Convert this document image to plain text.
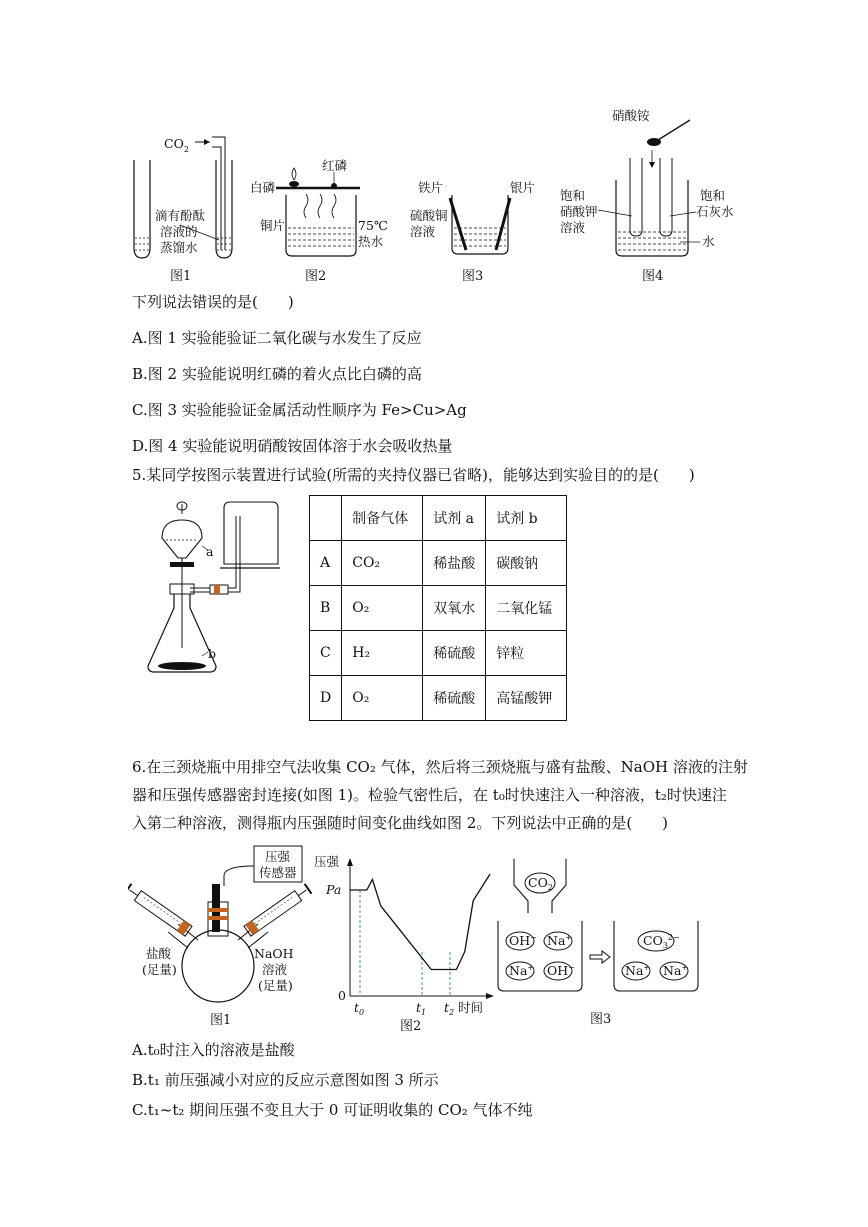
$CO_2$
滴有酚酞
溶液的
蒸馏水
图1
红磷
白磷
铜片	75℃
热水
图2
铁片	银片
硫酸铜
溶液
图3
硝酸铵
饱和
硝酸钾
溶液
饱和
石灰水
水
图4
下列说法错误的是(　　)
A.图 1 实验能验证二氧化碳与水发生了反应
B.图 2 实验能说明红磷的着火点比白磷的高
C.图 3 实验能验证金属活动性顺序为 Fe>Cu>Ag
D.图 4 实验能说明硝酸铵固体溶于水会吸收热量
5.某同学按图示装置进行试验(所需的夹持仪器已省略)，能够达到实验目的的是(　　)
a
b
	制备气体	试剂 a	试剂 b
A	CO₂	稀盐酸	碳酸钠
B	O₂	双氧水	二氧化锰
C	H₂	稀硫酸	锌粒
D	O₂	稀硫酸	高锰酸钾
6.在三颈烧瓶中用排空气法收集 CO₂ 气体，然后将三颈烧瓶与盛有盐酸、NaOH 溶液的注射
器和压强传感器密封连接(如图 1)。检验气密性后，在 t₀时快速注入一种溶液，t₂时快速注
入第二种溶液，测得瓶内压强随时间变化曲线如图 2。下列说法中正确的是(　　)
压强
传感器
盐酸
(足量)
NaOH
溶液
(足量)
图1
压强
Pa
0
$t_0$	$t_1$ $t_2$ 时间
图2
$CO_2$
OH− Na+
Na+ OH−
$CO_3^{2-}$
Na+ Na+
图3
A.t₀时注入的溶液是盐酸
B.t₁ 前压强减小对应的反应示意图如图 3 所示
C.t₁~t₂ 期间压强不变且大于 0 可证明收集的 CO₂ 气体不纯
